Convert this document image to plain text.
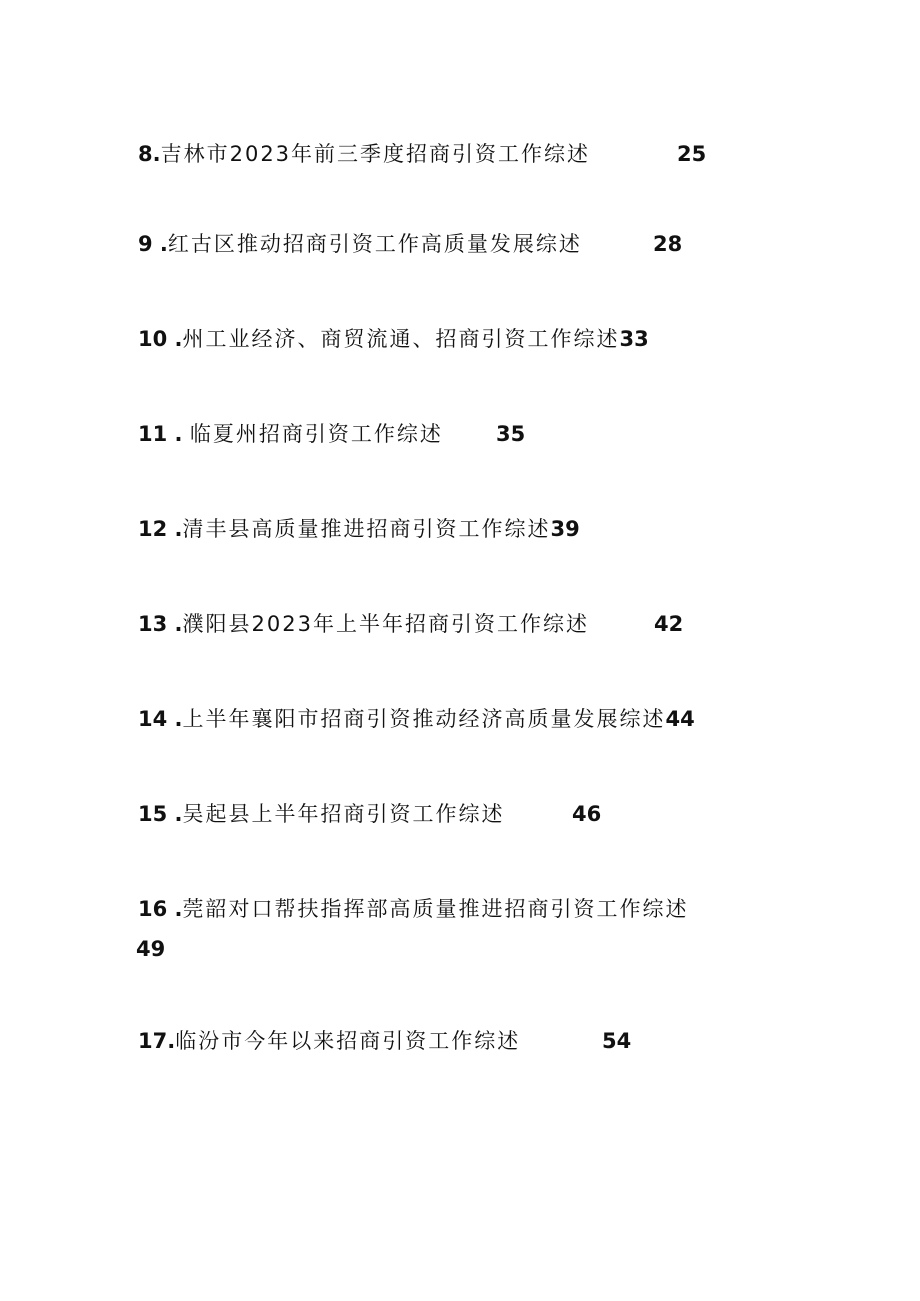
8.吉林市2023年前三季度招商引资工作综述	25
9 .红古区推动招商引资工作高质量发展综述	28
10 .州工业经济、商贸流通、招商引资工作综述33
11 . 临夏州招商引资工作综述	35
12 .清丰县高质量推进招商引资工作综述39
13 .濮阳县2023年上半年招商引资工作综述	42
14 .上半年襄阳市招商引资推动经济高质量发展综述44
15 .吴起县上半年招商引资工作综述	46
16 .莞韶对口帮扶指挥部高质量推进招商引资工作综述
49
17.临汾市今年以来招商引资工作综述	54
